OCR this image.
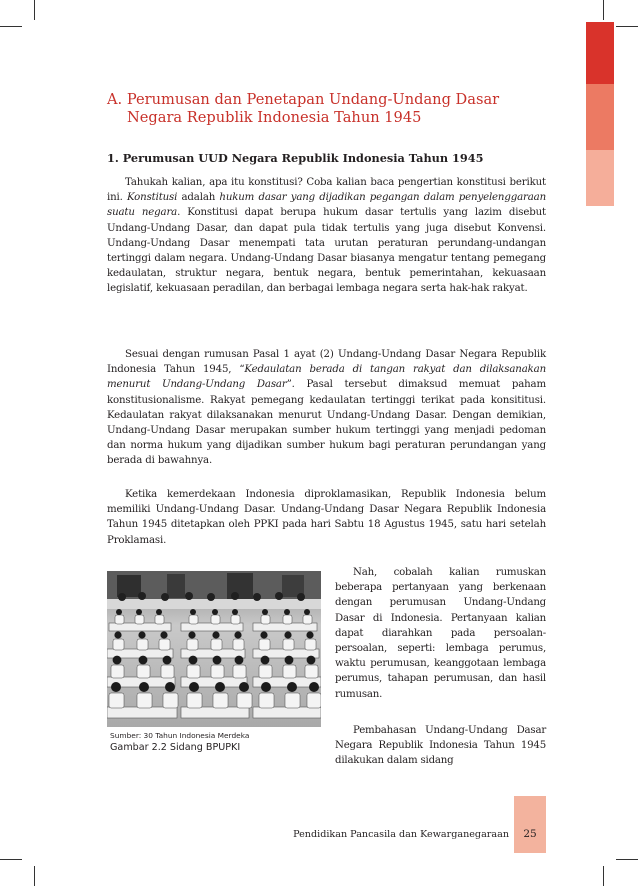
A. Perumusan dan Penetapan Undang-Undang Dasar
Negara Republik Indonesia Tahun 1945
1. Perumusan UUD Negara Republik Indonesia Tahun 1945

Tahukah kalian, apa itu konstitusi? Coba kalian baca pengertian konstitusi berikut ini. Konstitusi adalah hukum dasar yang dijadikan pegangan dalam penyelenggaraan suatu negara. Konstitusi dapat berupa hukum dasar tertulis yang lazim disebut Undang-Undang Dasar, dan dapat pula tidak tertulis yang juga disebut Konvensi. Undang-Undang Dasar menempati tata urutan peraturan perundang-undangan tertinggi dalam negara. Undang-Undang Dasar biasanya mengatur tentang pemegang kedaulatan, struktur negara, bentuk negara, bentuk pemerintahan, kekuasaan legislatif, kekuasaan peradilan, dan berbagai lembaga negara serta hak-hak rakyat.

Sesuai dengan rumusan Pasal 1 ayat (2) Undang-Undang Dasar Negara Republik Indonesia Tahun 1945, “Kedaulatan berada di tangan rakyat dan dilaksanakan menurut Undang-Undang Dasar”. Pasal tersebut dimaksud memuat paham konstitusionalisme. Rakyat pemegang kedaulatan tertinggi terikat pada konsititusi. Kedaulatan rakyat dilaksanakan menurut Undang-Undang Dasar. Dengan demikian, Undang-Undang Dasar merupakan sumber hukum tertinggi yang menjadi pedoman dan norma hukum yang dijadikan sumber hukum bagi peraturan perundangan yang berada di bawahnya.

Ketika kemerdekaan Indonesia diproklamasikan, Republik Indonesia belum memiliki Undang-Undang Dasar. Undang-Undang Dasar Negara Republik Indonesia Tahun 1945 ditetapkan oleh PPKI pada hari Sabtu 18 Agustus 1945, satu hari setelah Proklamasi.

Sumber: 30 Tahun Indonesia Merdeka
Gambar 2.2 Sidang BPUPKI

Nah, cobalah kalian rumuskan beberapa pertanyaan yang berkenaan dengan perumusan Undang-Undang Dasar di Indonesia. Pertanyaan kalian dapat diarahkan pada persoalan-persoalan, seperti: lembaga perumus, waktu perumusan, keanggotaan lembaga perumus, tahapan perumusan, dan hasil rumusan.

Pembahasan Undang-Undang Dasar Negara Republik Indonesia Tahun 1945 dilakukan dalam sidang

Pendidikan Pancasila dan Kewarganegaraan	25
